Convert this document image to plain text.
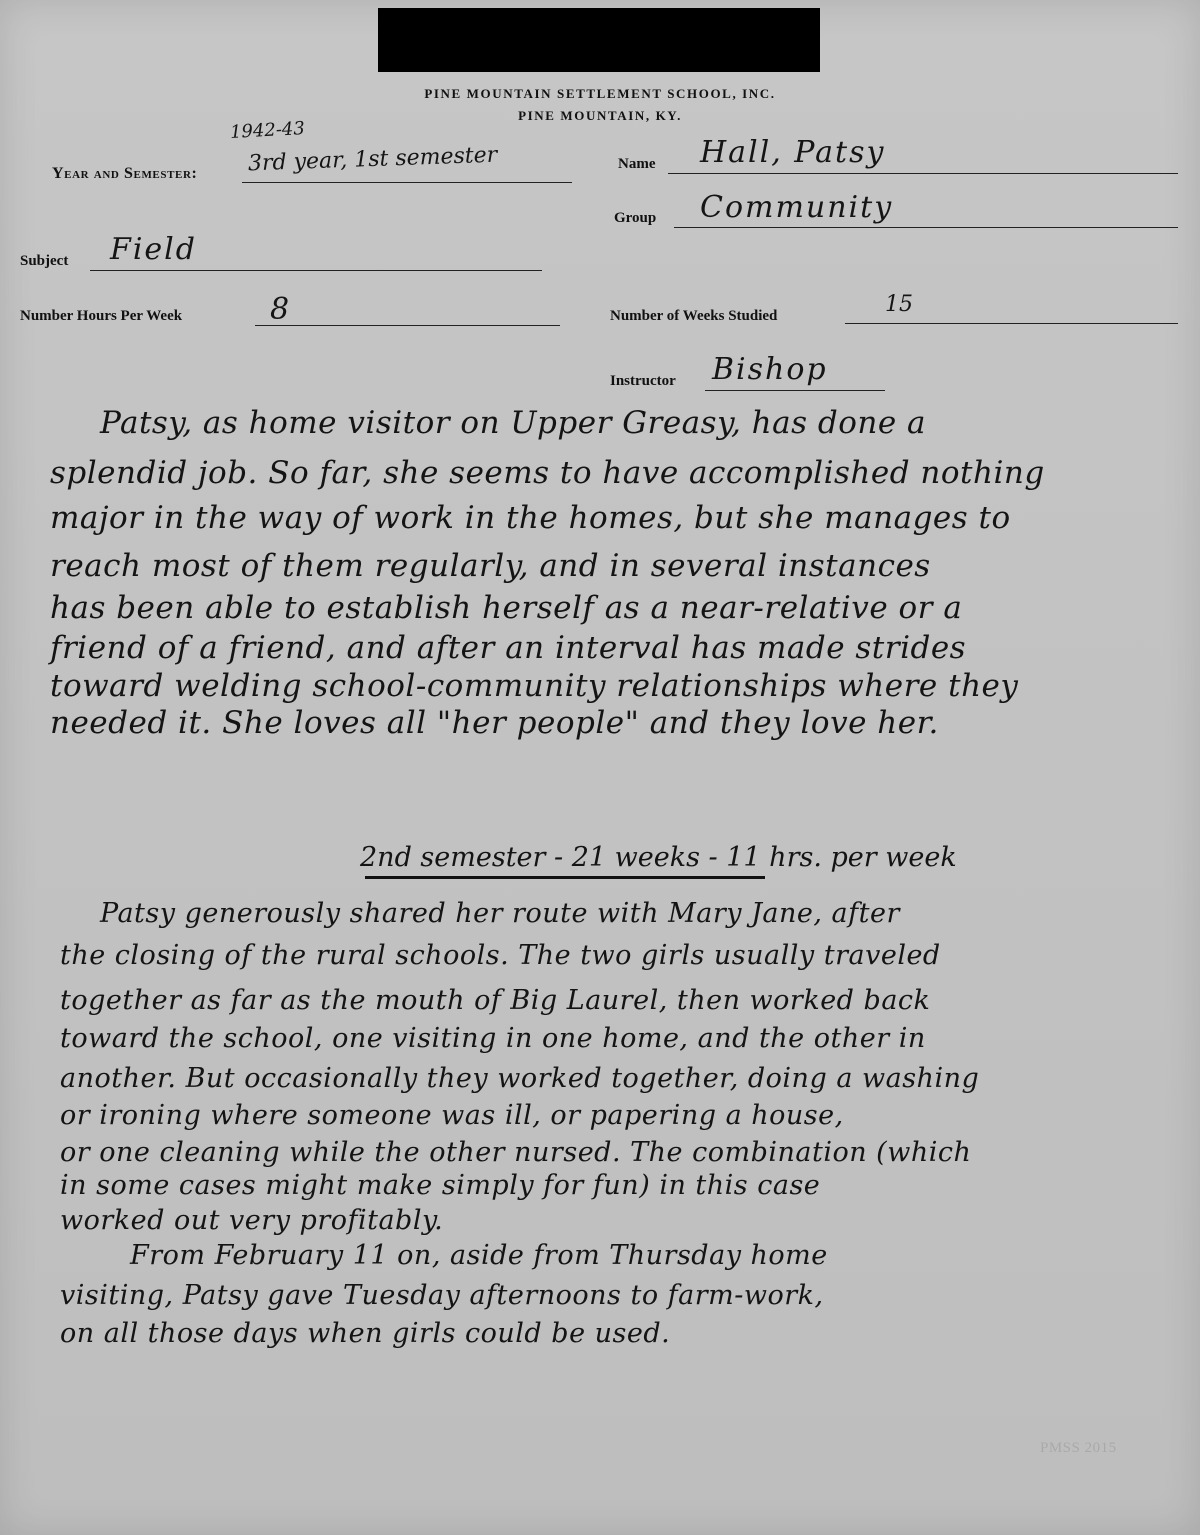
PINE MOUNTAIN SETTLEMENT SCHOOL, INC.
PINE MOUNTAIN, KY.
1942-43
Year and Semester: 3rd year, 1st semester	Name Hall, Patsy
Group Community
Subject Field
Number Hours Per Week	8	Number of Weeks Studied	15
Instructor Bishop
Patsy, as home visitor on Upper Greasy, has done a
splendid job. So far, she seems to have accomplished nothing
major in the way of work in the homes, but she manages to
reach most of them regularly, and in several instances
has been able to establish herself as a near-relative or a
friend of a friend, and after an interval has made strides
toward welding school-community relationships where they
needed it. She loves all "her people" and they love her.
2nd semester - 21 weeks - 11 hrs. per week
Patsy generously shared her route with Mary Jane, after
the closing of the rural schools. The two girls usually traveled
together as far as the mouth of Big Laurel, then worked back
toward the school, one visiting in one home, and the other in
another. But occasionally they worked together, doing a washing
or ironing where someone was ill, or papering a house,
or one cleaning while the other nursed. The combination (which
in some cases might make simply for fun) in this case
worked out very profitably.
From February 11 on, aside from Thursday home
visiting, Patsy gave Tuesday afternoons to farm-work,
on all those days when girls could be used.
PMSS 2015
